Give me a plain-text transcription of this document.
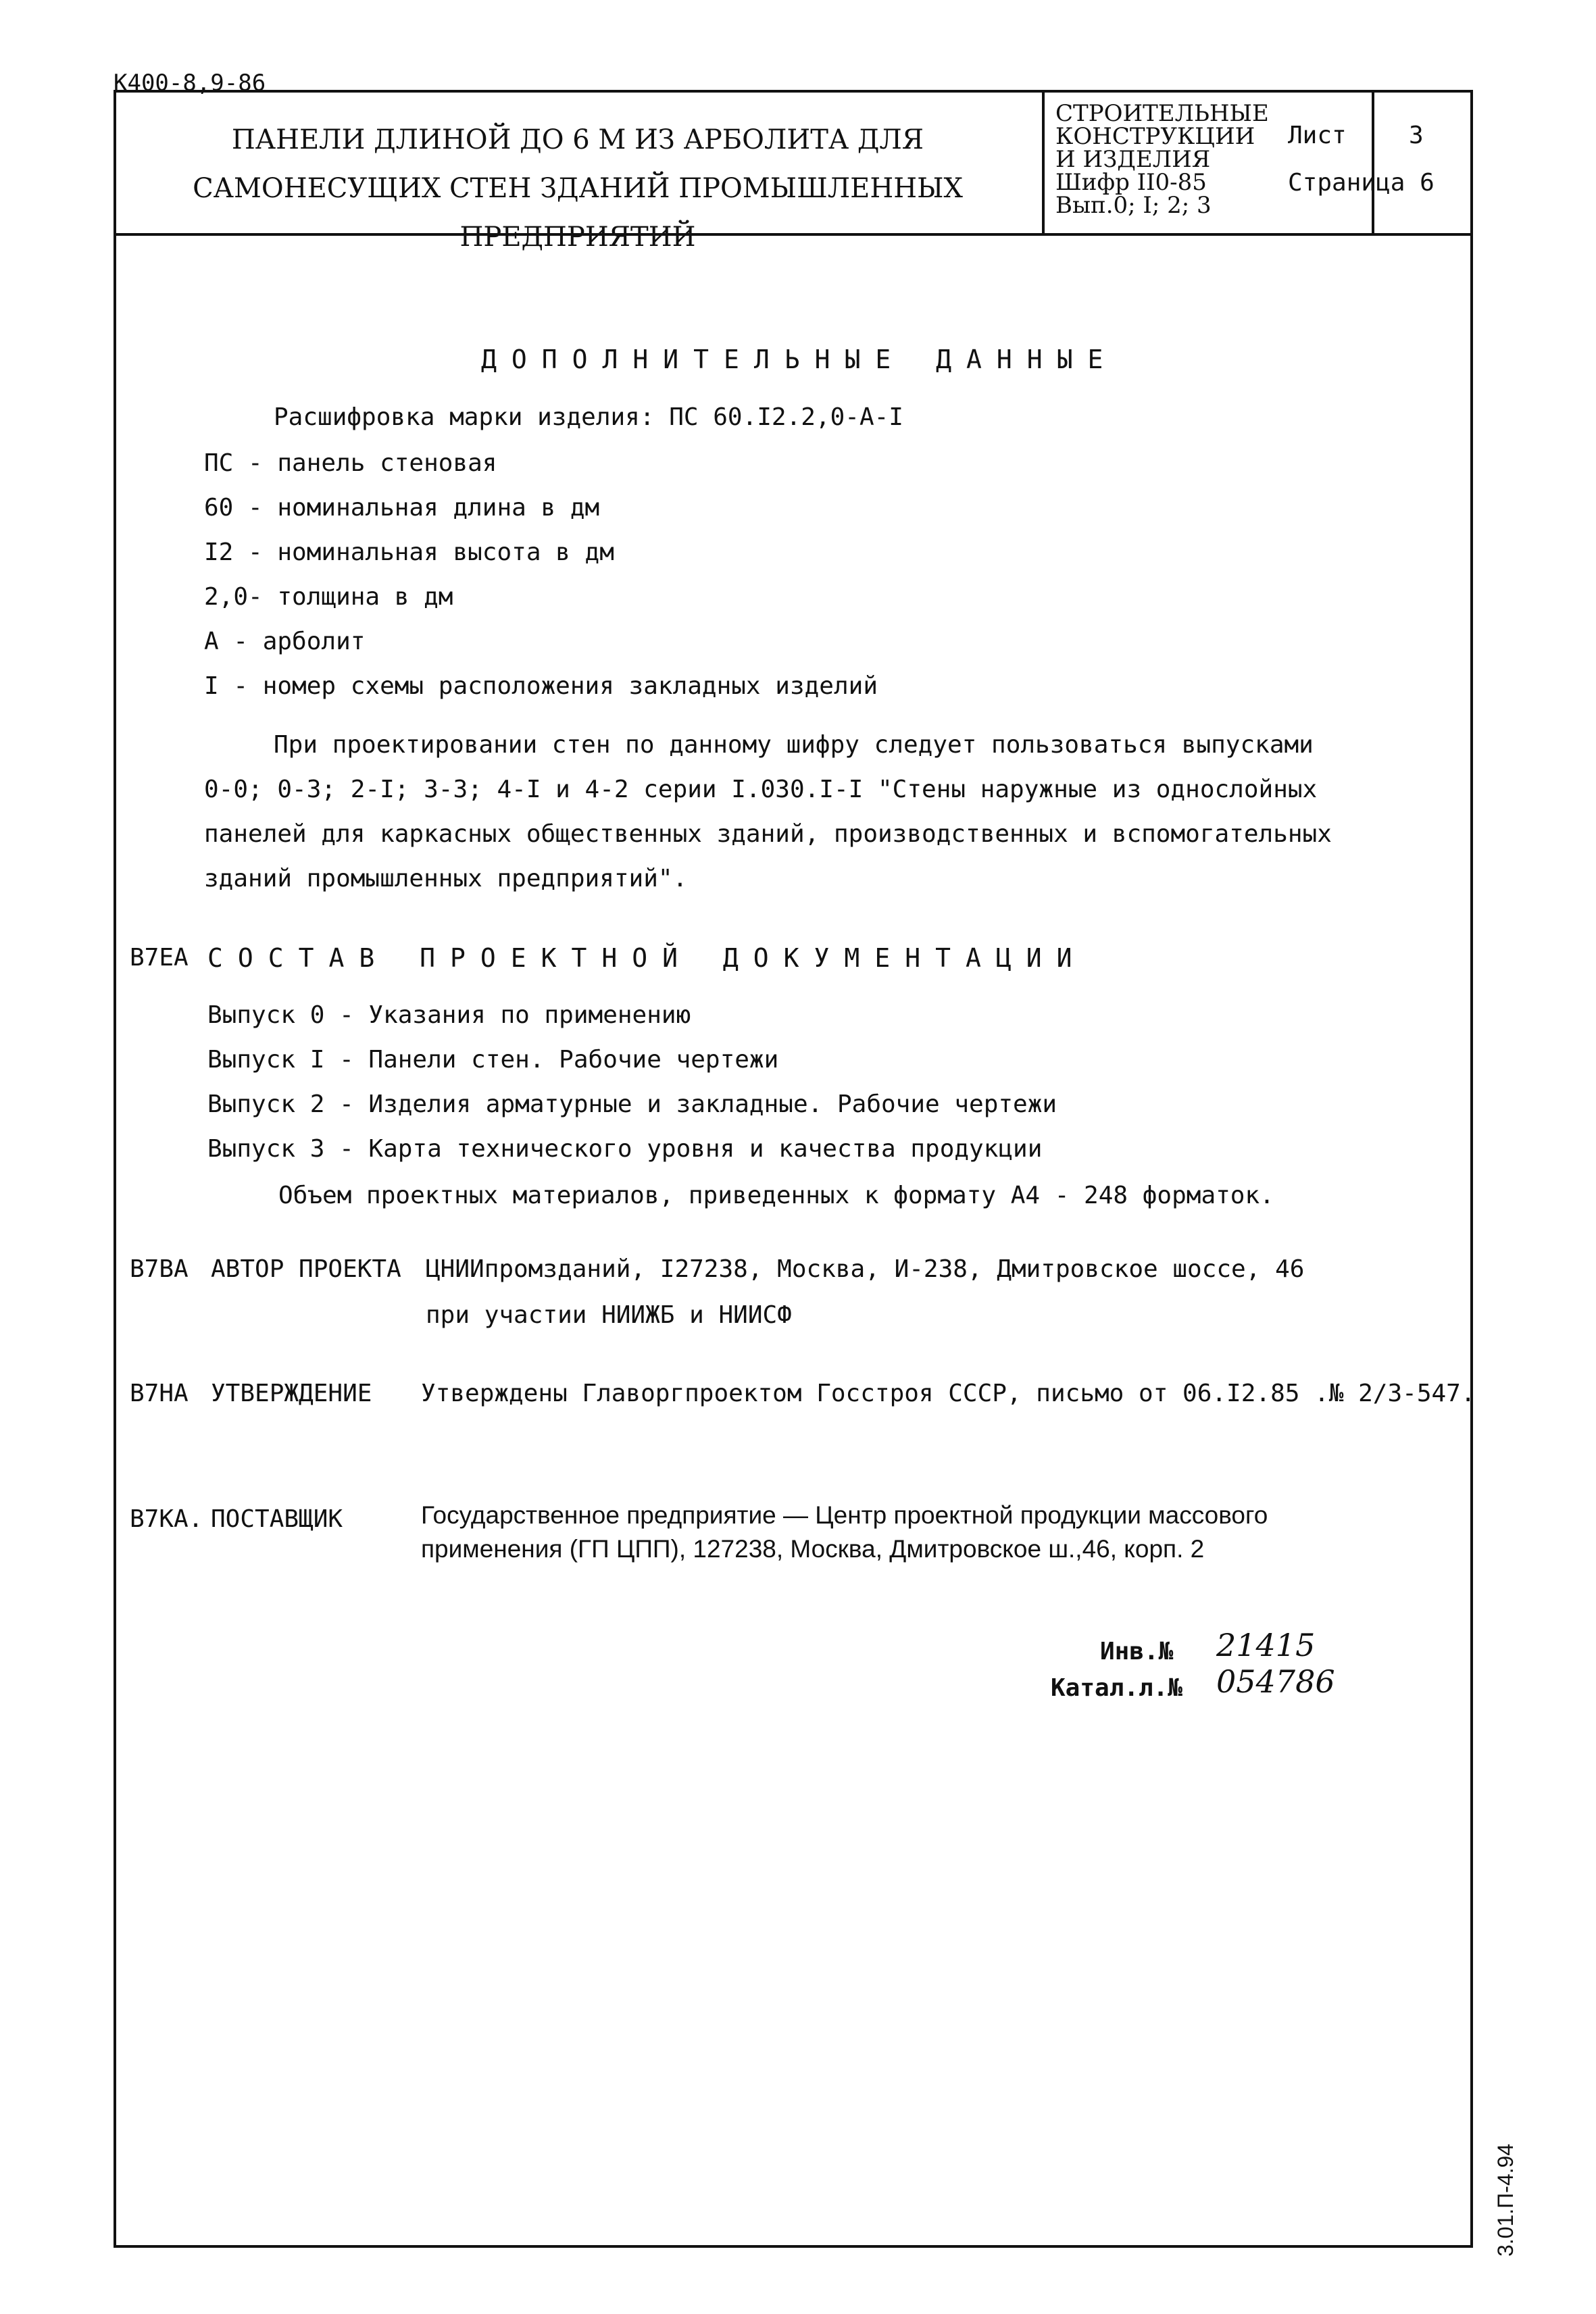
К400-8,9-86
ПАНЕЛИ ДЛИНОЙ ДО 6 М ИЗ АРБОЛИТА ДЛЯ
САМОНЕСУЩИХ СТЕН ЗДАНИЙ ПРОМЫШЛЕННЫХ ПРЕДПРИЯТИЙ
СТРОИТЕЛЬНЫЕ
КОНСТРУКЦИИ
И ИЗДЕЛИЯ
Шифр II0-85
Вып.0; I; 2; 3
Лист	3
Страница 6
ДОПОЛНИТЕЛЬНЫЕ ДАННЫЕ
Расшифровка марки изделия: ПС 60.I2.2,0-А-I
ПС - панель стеновая
60 - номинальная длина в дм
I2 - номинальная высота в дм
2,0- толщина в дм
А - арболит
I - номер схемы расположения закладных изделий
При проектировании стен по данному шифру следует пользоваться выпусками
0-0; 0-3; 2-I; 3-3; 4-I и 4-2 серии I.030.I-I "Стены наружные из однослойных
панелей для каркасных общественных зданий, производственных и вспомогательных
зданий промышленных предприятий".
В7ЕА СОСТАВ ПРОЕКТНОЙ ДОКУМЕНТАЦИИ
Выпуск 0 - Указания по применению
Выпуск I - Панели стен. Рабочие чертежи
Выпуск 2 - Изделия арматурные и закладные. Рабочие чертежи
Выпуск 3 - Карта технического уровня и качества продукции
Объем проектных материалов, приведенных к формату А4 - 248 форматок.
В7ВА АВТОР ПРОЕКТА ЦНИИпромзданий, I27238, Москва, И-238, Дмитровское шоссе, 46
при участии НИИЖБ и НИИСФ
В7НА УТВЕРЖДЕНИЕ Утверждены Главоргпроектом Госстроя СССР, письмо от 06.I2.85 .№ 2/3-547.
В7КА. ПОСТАВЩИК	Государственное предприятие — Центр проектной продукции массового
применения (ГП ЦПП), 127238, Москва, Дмитровское ш.,46, корп. 2
Инв.№ 21415
Катал.л.№ 054786
3.01.П-4.94
